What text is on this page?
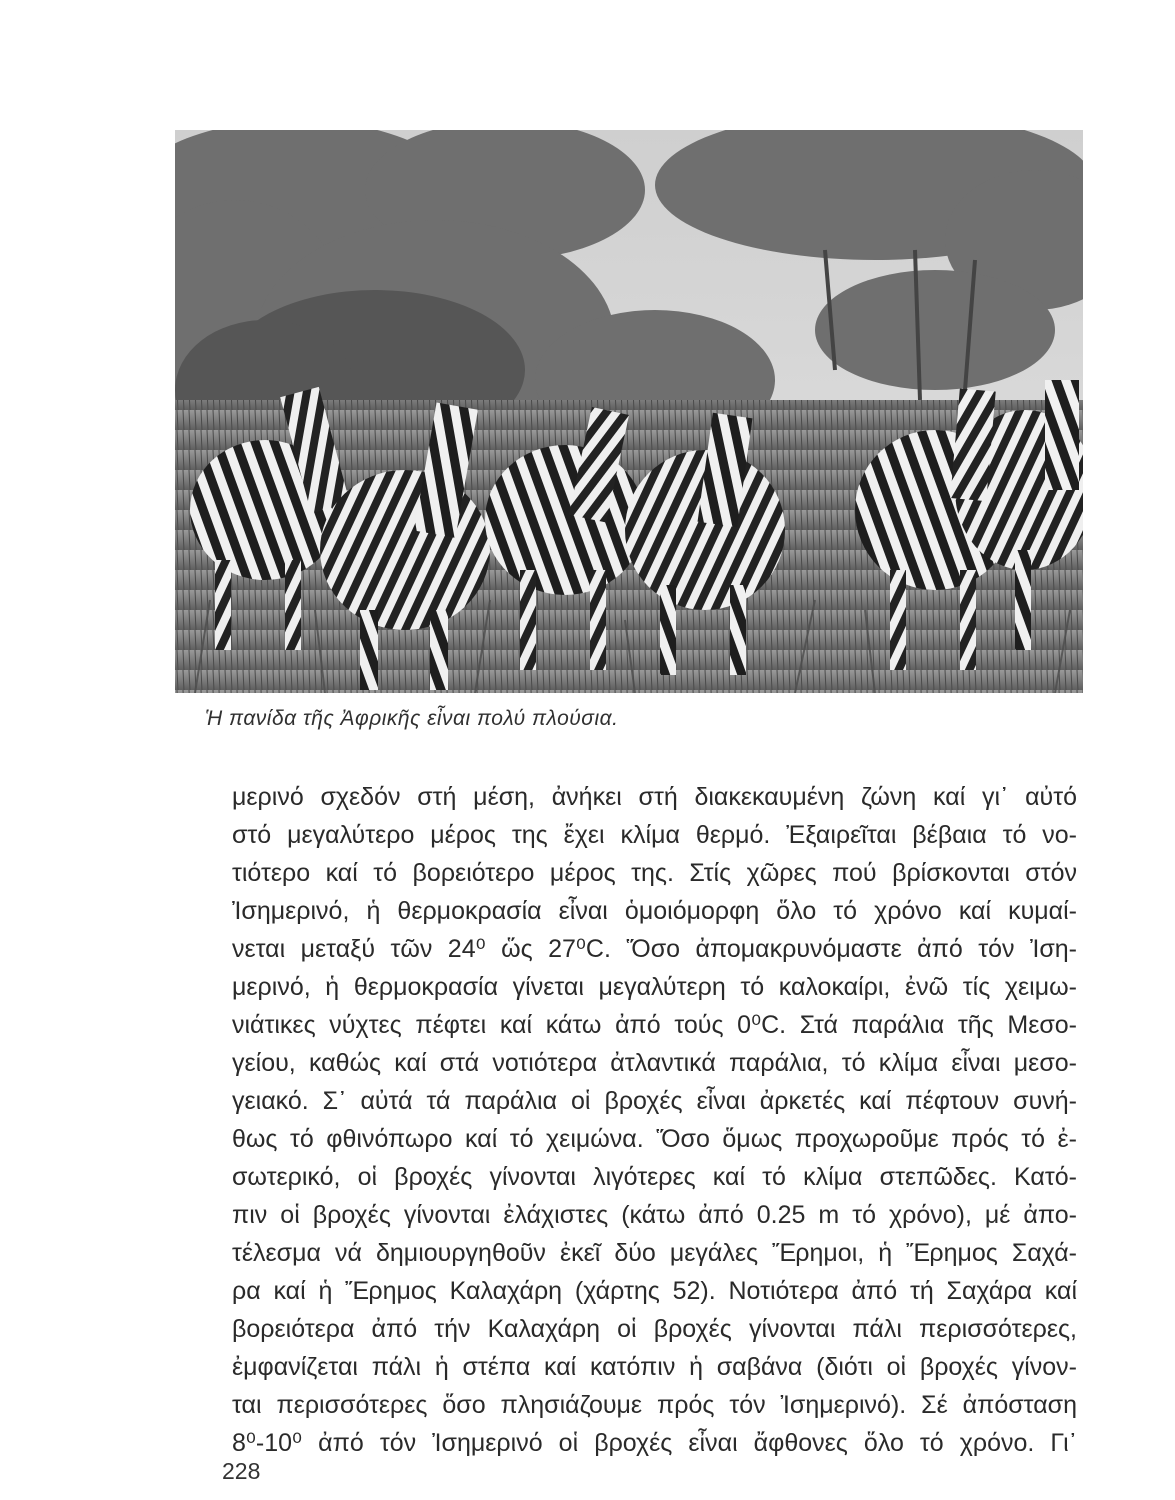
Ἡ πανίδα τῆς Ἀφρικῆς εἶναι πολύ πλούσια.
μερινό σχεδόν στή μέση, ἀνήκει στή διακεκαυμένη ζώνη καί γι᾽ αὐτό
στό μεγαλύτερο μέρος της ἔχει κλίμα θερμό. Ἐξαιρεῖται βέβαια τό νο-
τιότερο καί τό βορειότερο μέρος της. Στίς χῶρες πού βρίσκονται στόν
Ἰσημερινό, ἡ θερμοκρασία εἶναι ὁμοιόμορφη ὅλο τό χρόνο καί κυμαί-
νεται μεταξύ τῶν 24⁰ ὥς 27⁰C. Ὅσο ἀπομακρυνόμαστε ἀπό τόν Ἰση-
μερινό, ἡ θερμοκρασία γίνεται μεγαλύτερη τό καλοκαίρι, ἐνῶ τίς χειμω-
νιάτικες νύχτες πέφτει καί κάτω ἀπό τούς 0⁰C. Στά παράλια τῆς Μεσο-
γείου, καθώς καί στά νοτιότερα ἀτλαντικά παράλια, τό κλίμα εἶναι μεσο-
γειακό. Σ᾽ αὐτά τά παράλια οἱ βροχές εἶναι ἀρκετές καί πέφτουν συνή-
θως τό φθινόπωρο καί τό χειμώνα. Ὅσο ὅμως προχωροῦμε πρός τό ἐ-
σωτερικό, οἱ βροχές γίνονται λιγότερες καί τό κλίμα στεπῶδες. Κατό-
πιν οἱ βροχές γίνονται ἐλάχιστες (κάτω ἀπό 0.25 m τό χρόνο), μέ ἀπο-
τέλεσμα νά δημιουργηθοῦν ἐκεῖ δύο μεγάλες Ἔρημοι, ἡ Ἔρημος Σαχά-
ρα καί ἡ Ἔρημος Καλαχάρη (χάρτης 52). Νοτιότερα ἀπό τή Σαχάρα καί
βορειότερα ἀπό τήν Καλαχάρη οἱ βροχές γίνονται πάλι περισσότερες,
ἐμφανίζεται πάλι ἡ στέπα καί κατόπιν ἡ σαβάνα (διότι οἱ βροχές γίνον-
ται περισσότερες ὅσο πλησιάζουμε πρός τόν Ἰσημερινό). Σέ ἀπόσταση
8⁰-10⁰ ἀπό τόν Ἰσημερινό οἱ βροχές εἶναι ἄφθονες ὅλο τό χρόνο. Γι᾽
228
